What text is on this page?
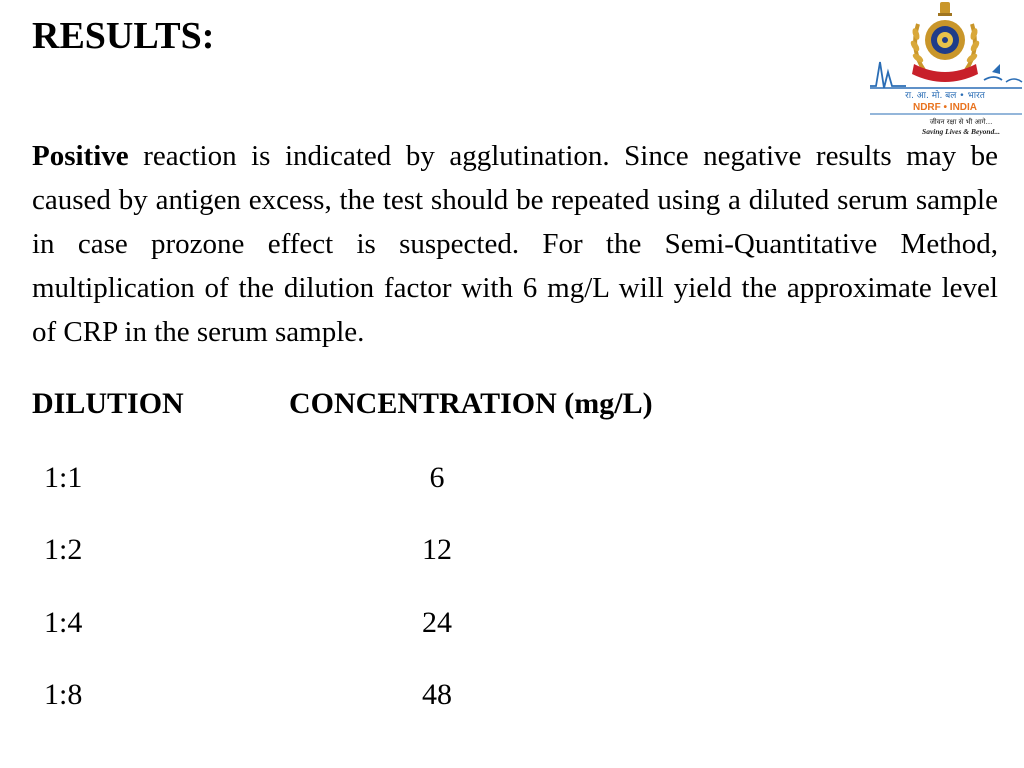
RESULTS:
रा. आ. मो. बल • भारत
NDRF • INDIA
जीवन रक्षा से भी आगे...
Saving Lives & Beyond...

Positive reaction is indicated by agglutination. Since negative results may be caused by antigen excess, the test should be repeated using a diluted serum sample in case prozone effect is suspected. For the Semi-Quantitative Method, multiplication of the dilution factor with 6 mg/L will yield the approximate level of CRP in the serum sample.

DILUTION	CONCENTRATION (mg/L)
1:1	6
1:2	12
1:4	24
1:8	48
